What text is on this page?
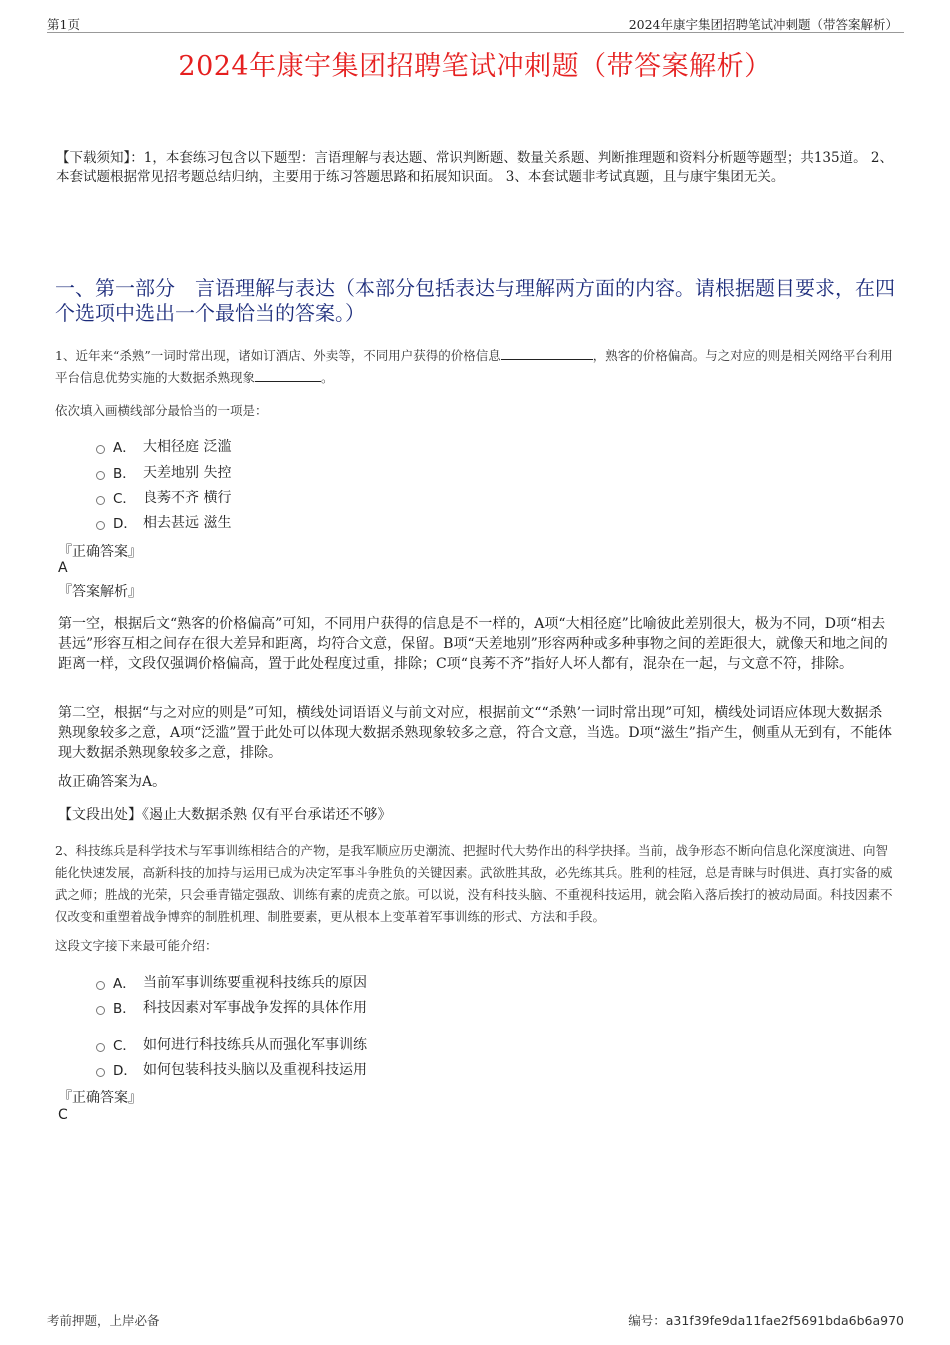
第1页	2024年康宇集团招聘笔试冲刺题（带答案解析）
2024年康宇集团招聘笔试冲刺题（带答案解析）
【下载须知】：1，本套练习包含以下题型：言语理解与表达题、常识判断题、数量关系题、判断推理题和资料分析题等题型；共135道。 2、本套试题根据常见招考题总结归纳，主要用于练习答题思路和拓展知识面。 3、本套试题非考试真题，且与康宇集团无关。
一、第一部分　言语理解与表达（本部分包括表达与理解两方面的内容。请根据题目要求，在四个选项中选出一个最恰当的答案。）
1、近年来“杀熟”一词时常出现，诸如订酒店、外卖等，不同用户获得的价格信息	，熟客的价格偏高。与之对应的则是相关网络平台利用平台信息优势实施的大数据杀熟现象	。
依次填入画横线部分最恰当的一项是：
A． 大相径庭 泛滥
B． 天差地别 失控
C． 良莠不齐 横行
D． 相去甚远 滋生
『正确答案』
A
『答案解析』
第一空，根据后文“熟客的价格偏高”可知，不同用户获得的信息是不一样的，A项“大相径庭”比喻彼此差别很大，极为不同，D项“相去甚远”形容互相之间存在很大差异和距离，均符合文意，保留。B项“天差地别”形容两种或多种事物之间的差距很大，就像天和地之间的距离一样，文段仅强调价格偏高，置于此处程度过重，排除；C项“良莠不齐”指好人坏人都有，混杂在一起，与文意不符，排除。
第二空，根据“与之对应的则是”可知，横线处词语语义与前文对应，根据前文““杀熟’一词时常出现”可知，横线处词语应体现大数据杀熟现象较多之意，A项“泛滥”置于此处可以体现大数据杀熟现象较多之意，符合文意，当选。D项“滋生”指产生，侧重从无到有，不能体现大数据杀熟现象较多之意，排除。
故正确答案为A。
【文段出处】《遏止大数据杀熟 仅有平台承诺还不够》
2、科技练兵是科学技术与军事训练相结合的产物，是我军顺应历史潮流、把握时代大势作出的科学抉择。当前，战争形态不断向信息化深度演进、向智能化快速发展，高新科技的加持与运用已成为决定军事斗争胜负的关键因素。武欲胜其敌，必先练其兵。胜利的桂冠，总是青睐与时俱进、真打实备的威武之师；胜战的光荣，只会垂青锚定强敌、训练有素的虎贲之旅。可以说，没有科技头脑、不重视科技运用，就会陷入落后挨打的被动局面。科技因素不仅改变和重塑着战争博弈的制胜机理、制胜要素，更从根本上变革着军事训练的形式、方法和手段。
这段文字接下来最可能介绍：
A． 当前军事训练要重视科技练兵的原因
B． 科技因素对军事战争发挥的具体作用
C． 如何进行科技练兵从而强化军事训练
D． 如何包装科技头脑以及重视科技运用
『正确答案』
C
考前押题，上岸必备	编号：a31f39fe9da11fae2f5691bda6b6a970
